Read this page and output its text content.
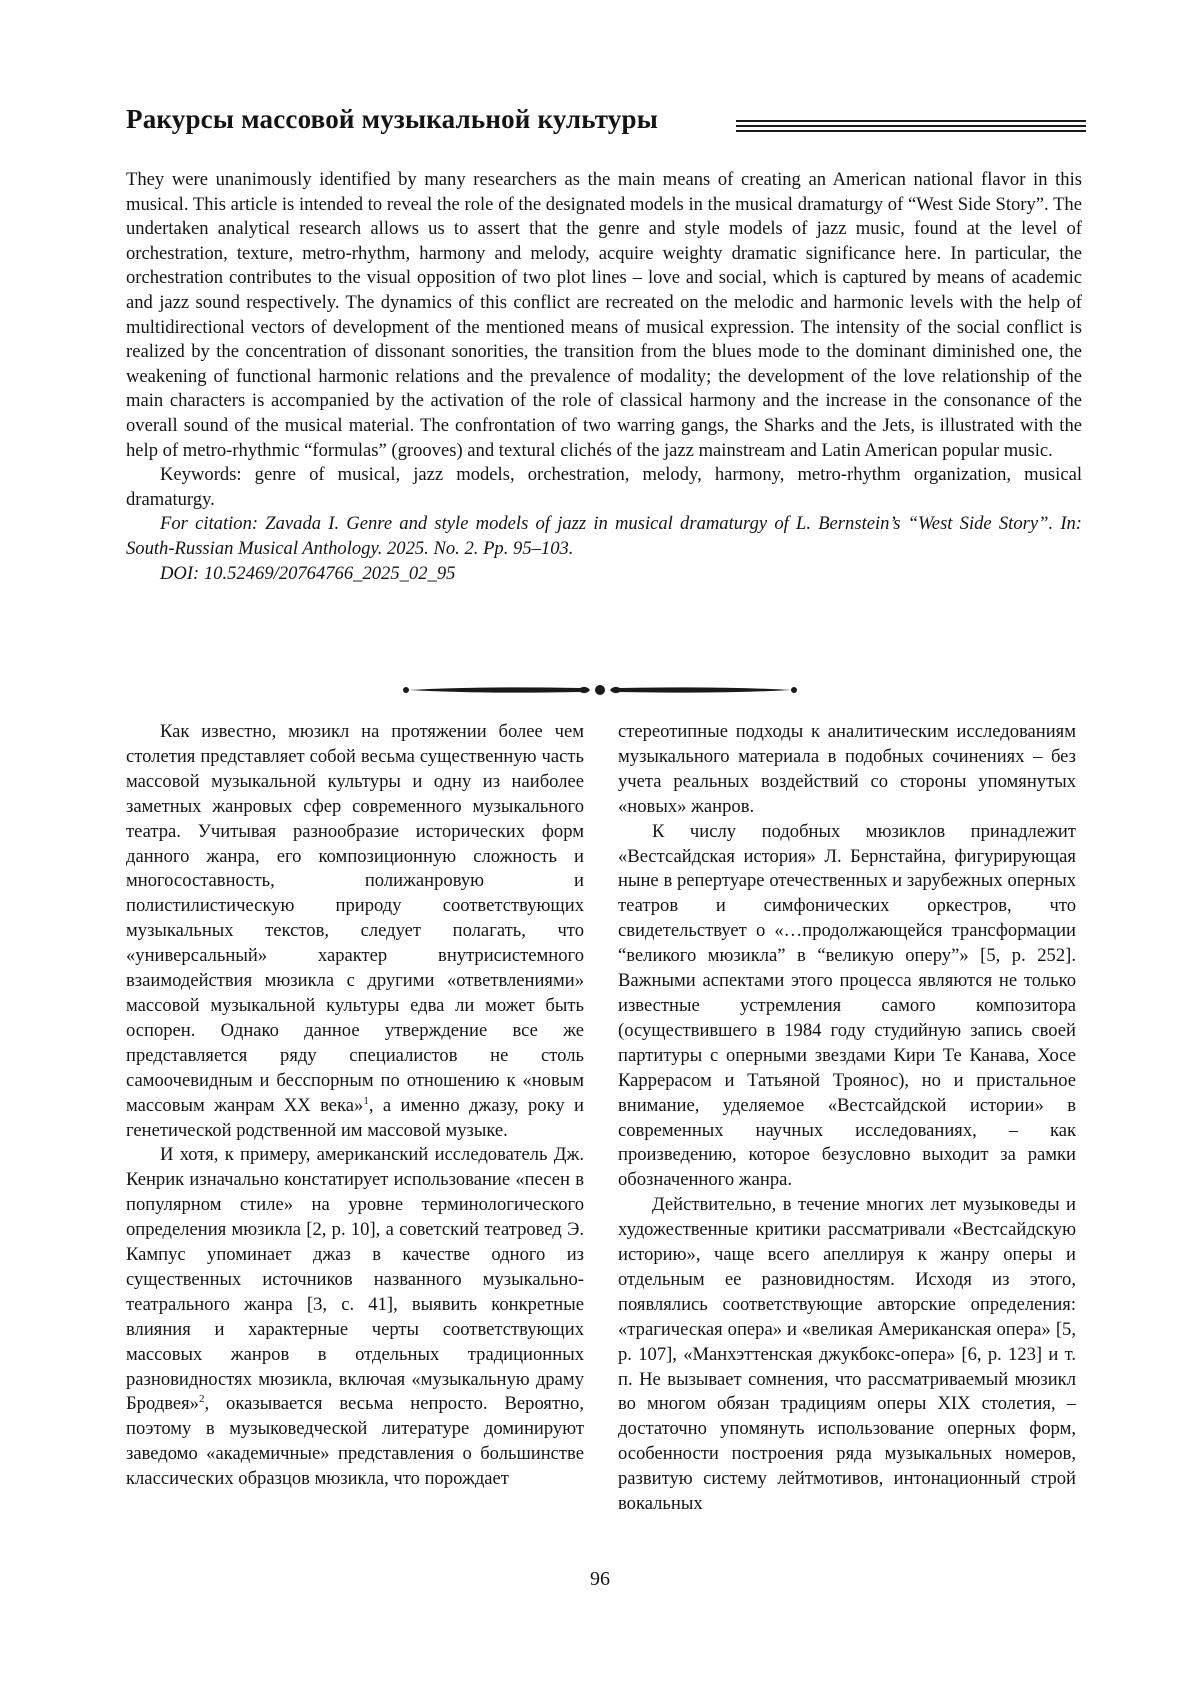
Ракурсы массовой музыкальной культуры

They were unanimously identified by many researchers as the main means of creating an American national flavor in this musical. This article is intended to reveal the role of the designated models in the musical dramaturgy of “West Side Story”. The undertaken analytical research allows us to assert that the genre and style models of jazz music, found at the level of orchestration, texture, metro-rhythm, harmony and melody, acquire weighty dramatic significance here. In particular, the orchestration contributes to the visual opposition of two plot lines – love and social, which is captured by means of academic and jazz sound respectively. The dynamics of this conflict are recreated on the melodic and harmonic levels with the help of multidirectional vectors of development of the mentioned means of musical expression. The intensity of the social conflict is realized by the concentration of dissonant sonorities, the transition from the blues mode to the dominant diminished one, the weakening of functional harmonic relations and the prevalence of modality; the development of the love relationship of the main characters is accompanied by the activation of the role of classical harmony and the increase in the consonance of the overall sound of the musical material. The confrontation of two warring gangs, the Sharks and the Jets, is illustrated with the help of metro-rhythmic “formulas” (grooves) and textural clichés of the jazz mainstream and Latin American popular music.

Keywords: genre of musical, jazz models, orchestration, melody, harmony, metro-rhythm organization, musical dramaturgy.

For citation: Zavada I. Genre and style models of jazz in musical dramaturgy of L. Bernstein’s “West Side Story”. In: South-Russian Musical Anthology. 2025. No. 2. Pp. 95–103.

DOI: 10.52469/20764766_2025_02_95

Как известно, мюзикл на протяжении более чем столетия представляет собой весьма существенную часть массовой музыкальной культуры и одну из наиболее заметных жанровых сфер современного музыкального театра. Учитывая разнообразие исторических форм данного жанра, его композиционную сложность и многосоставность, полижанровую и полистилистическую природу соответствующих музыкальных текстов, следует полагать, что «универсальный» характер внутрисистемного взаимодействия мюзикла с другими «ответвлениями» массовой музыкальной культуры едва ли может быть оспорен. Однако данное утверждение все же представляется ряду специалистов не столь самоочевидным и бесспорным по отношению к «новым массовым жанрам XX века»$^1$, а именно джазу, року и генетической родственной им массовой музыке.

И хотя, к примеру, американский исследователь Дж. Кенрик изначально констатирует использование «песен в популярном стиле» на уровне терминологического определения мюзикла [2, p. 10], а советский театровед Э. Кампус упоминает джаз в качестве одного из существенных источников названного музыкально-театрального жанра [3, с. 41], выявить конкретные влияния и характерные черты соответствующих массовых жанров в отдельных традиционных разновидностях мюзикла, включая «музыкальную драму Бродвея»$^2$, оказывается весьма непросто. Вероятно, поэтому в музыковедческой литературе доминируют заведомо «академичные» представления о большинстве классических образцов мюзикла, что порождает

стереотипные подходы к аналитическим исследованиям музыкального материала в подобных сочинениях – без учета реальных воздействий со стороны упомянутых «новых» жанров.

К числу подобных мюзиклов принадлежит «Вестсайдская история» Л. Бернстайна, фигурирующая ныне в репертуаре отечественных и зарубежных оперных театров и симфонических оркестров, что свидетельствует о «…продолжающейся трансформации “великого мюзикла” в “великую оперу”» [5, p. 252]. Важными аспектами этого процесса являются не только известные устремления самого композитора (осуществившего в 1984 году студийную запись своей партитуры с оперными звездами Кири Те Канава, Хосе Каррерасом и Татьяной Троянос), но и пристальное внимание, уделяемое «Вестсайдской истории» в современных научных исследованиях, – как произведению, которое безусловно выходит за рамки обозначенного жанра.

Действительно, в течение многих лет музыковеды и художественные критики рассматривали «Вестсайдскую историю», чаще всего апеллируя к жанру оперы и отдельным ее разновидностям. Исходя из этого, появлялись соответствующие авторские определения: «трагическая опера» и «великая Американская опера» [5, p. 107], «Манхэттенская джукбокс-опера» [6, p. 123] и т. п. Не вызывает сомнения, что рассматриваемый мюзикл во многом обязан традициям оперы XIX столетия, – достаточно упомянуть использование оперных форм, особенности построения ряда музыкальных номеров, развитую систему лейтмотивов, интонационный строй вокальных

96
